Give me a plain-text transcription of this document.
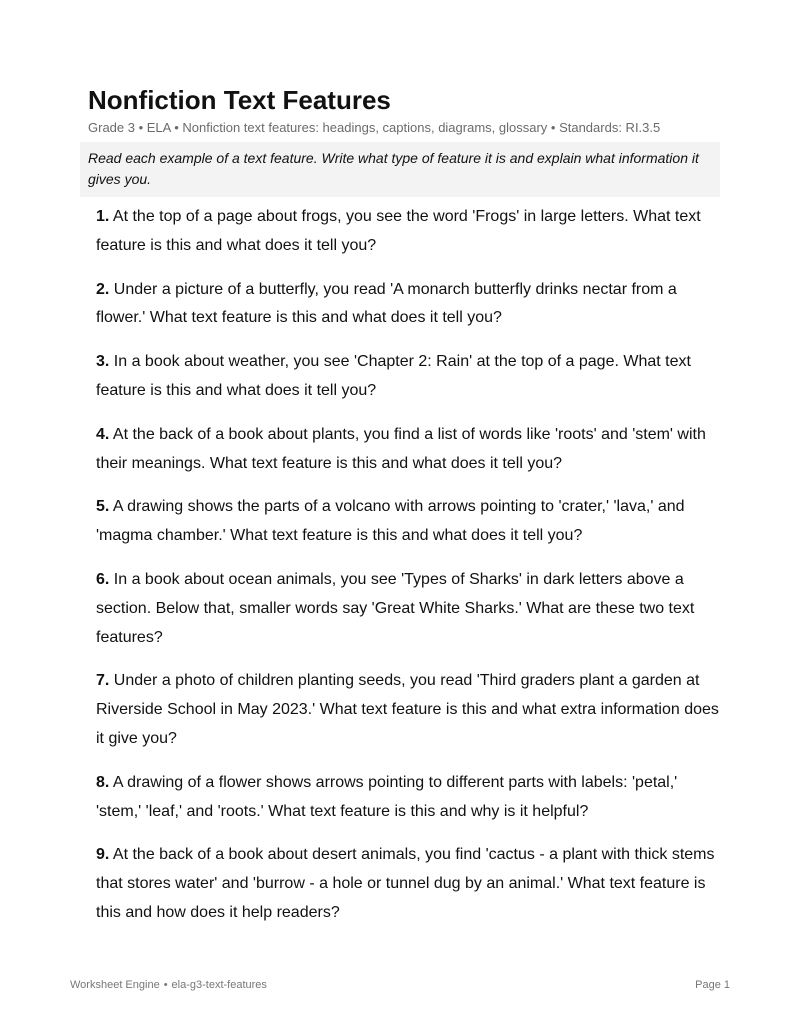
Nonfiction Text Features
Grade 3 • ELA • Nonfiction text features: headings, captions, diagrams, glossary • Standards: RI.3.5
Read each example of a text feature. Write what type of feature it is and explain what information it gives you.
1. At the top of a page about frogs, you see the word 'Frogs' in large letters. What text feature is this and what does it tell you?
2. Under a picture of a butterfly, you read 'A monarch butterfly drinks nectar from a flower.' What text feature is this and what does it tell you?
3. In a book about weather, you see 'Chapter 2: Rain' at the top of a page. What text feature is this and what does it tell you?
4. At the back of a book about plants, you find a list of words like 'roots' and 'stem' with their meanings. What text feature is this and what does it tell you?
5. A drawing shows the parts of a volcano with arrows pointing to 'crater,' 'lava,' and 'magma chamber.' What text feature is this and what does it tell you?
6. In a book about ocean animals, you see 'Types of Sharks' in dark letters above a section. Below that, smaller words say 'Great White Sharks.' What are these two text features?
7. Under a photo of children planting seeds, you read 'Third graders plant a garden at Riverside School in May 2023.' What text feature is this and what extra information does it give you?
8. A drawing of a flower shows arrows pointing to different parts with labels: 'petal,' 'stem,' 'leaf,' and 'roots.' What text feature is this and why is it helpful?
9. At the back of a book about desert animals, you find 'cactus - a plant with thick stems that stores water' and 'burrow - a hole or tunnel dug by an animal.' What text feature is this and how does it help readers?
Worksheet Engine • ela-g3-text-features	Page 1
